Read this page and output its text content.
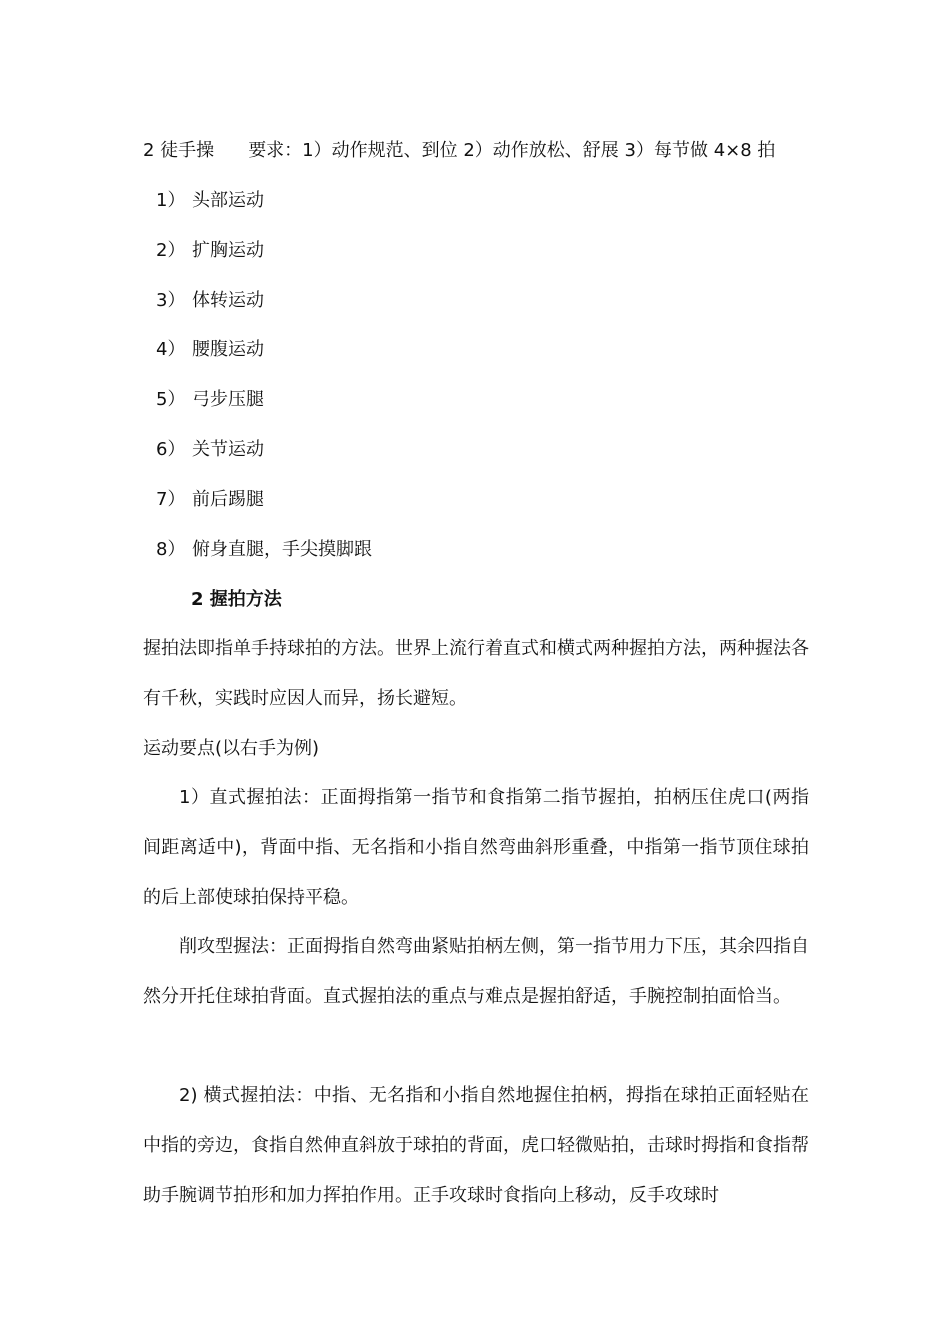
2 徒手操 要求：1）动作规范、到位 2）动作放松、舒展 3）每节做 4×8 拍
1） 头部运动
2） 扩胸运动
3） 体转运动
4） 腰腹运动
5） 弓步压腿
6） 关节运动
7） 前后踢腿
8） 俯身直腿，手尖摸脚跟
2 握拍方法

握拍法即指单手持球拍的方法。世界上流行着直式和横式两种握拍方法，两种握法各有千秋，实践时应因人而异，扬长避短。

运动要点(以右手为例)

1）直式握拍法：正面拇指第一指节和食指第二指节握拍，拍柄压住虎口(两指间距离适中)，背面中指、无名指和小指自然弯曲斜形重叠，中指第一指节顶住球拍的后上部使球拍保持平稳。

削攻型握法：正面拇指自然弯曲紧贴拍柄左侧，第一指节用力下压，其余四指自然分开托住球拍背面。直式握拍法的重点与难点是握拍舒适，手腕控制拍面恰当。

2) 横式握拍法：中指、无名指和小指自然地握住拍柄，拇指在球拍正面轻贴在中指的旁边，食指自然伸直斜放于球拍的背面，虎口轻微贴拍，击球时拇指和食指帮助手腕调节拍形和加力挥拍作用。正手攻球时食指向上移动，反手攻球时
